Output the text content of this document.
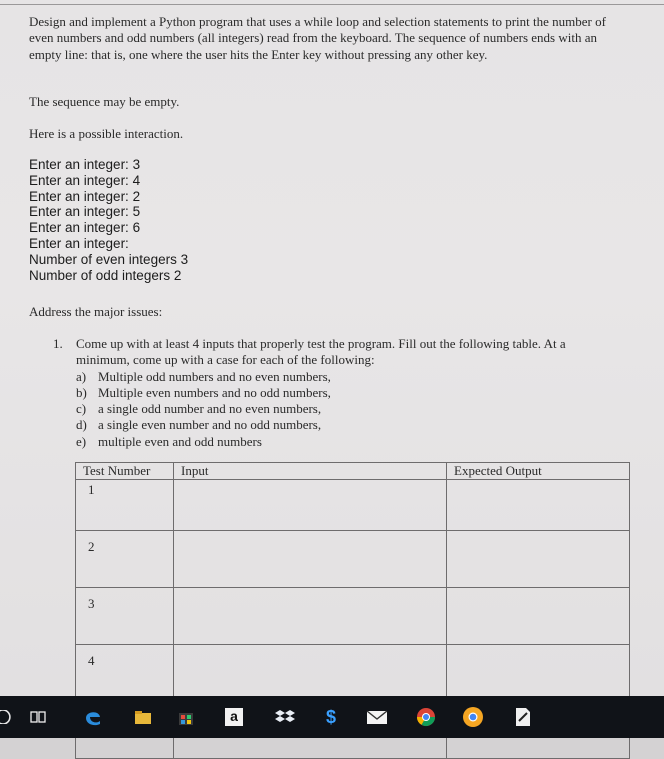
Design and implement a Python program that uses a while loop and selection statements to print the number of even numbers and odd numbers (all integers) read from the keyboard. The sequence of numbers ends with an empty line: that is, one where the user hits the Enter key without pressing any other key.
The sequence may be empty.
Here is a possible interaction.
Enter an integer: 3
Enter an integer: 4
Enter an integer: 2
Enter an integer: 5
Enter an integer: 6
Enter an integer:
Number of even integers 3
Number of odd integers 2
Address the major issues:
1. Come up with at least 4 inputs that properly test the program. Fill out the following table. At a minimum, come up with a case for each of the following:
a) Multiple odd numbers and no even numbers,
b) Multiple even numbers and no odd numbers,
c) a single odd number and no even numbers,
d) a single even number and no odd numbers,
e) multiple even and odd numbers
Test Number	Input	Expected Output
1		
2		
3		
4		

a	$
